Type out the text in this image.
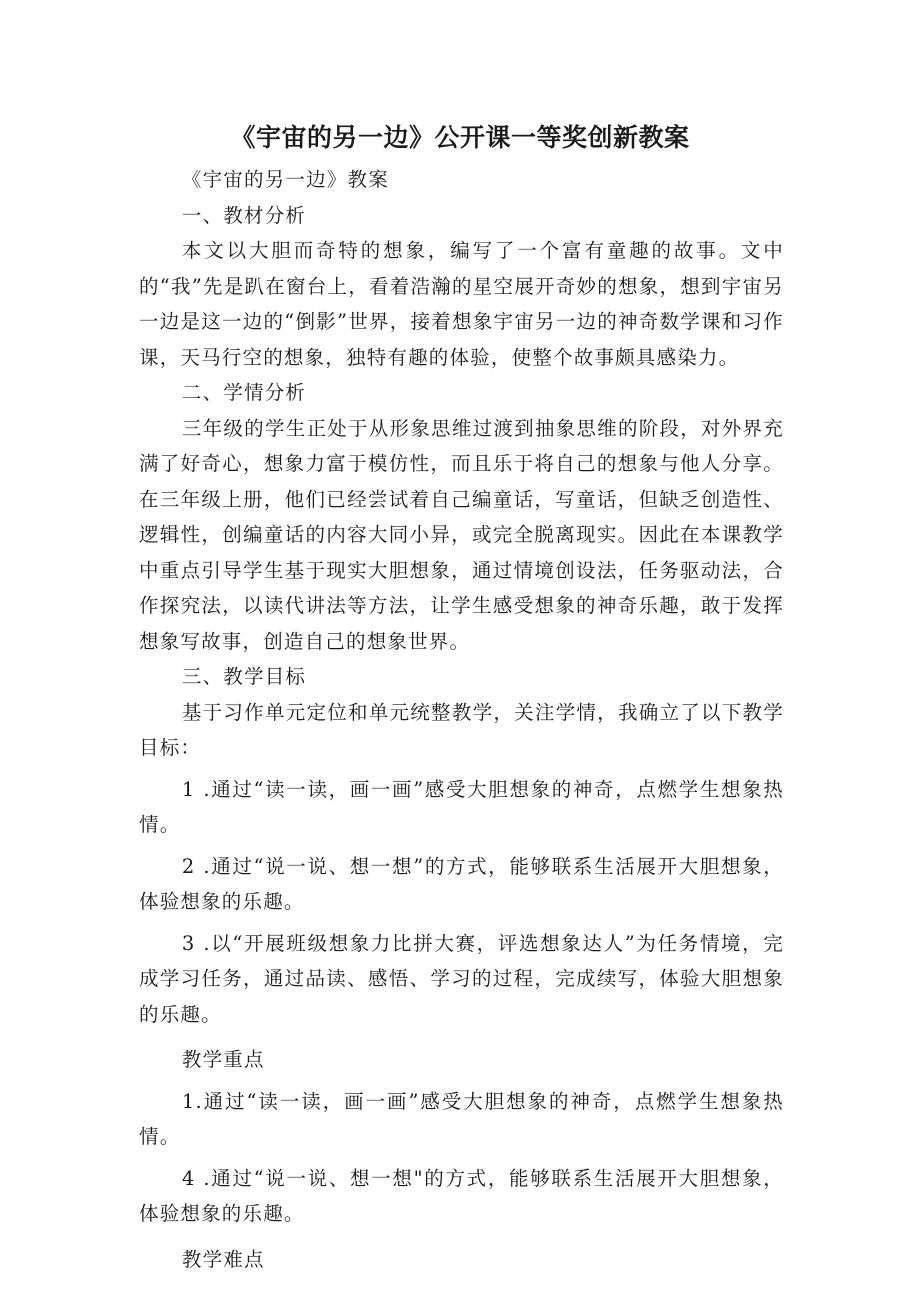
《宇宙的另一边》公开课一等奖创新教案

《宇宙的另一边》教案

一、教材分析

本文以大胆而奇特的想象，编写了一个富有童趣的故事。文中的“我”先是趴在窗台上，看着浩瀚的星空展开奇妙的想象，想到宇宙另一边是这一边的“倒影”世界，接着想象宇宙另一边的神奇数学课和习作课，天马行空的想象，独特有趣的体验，使整个故事颇具感染力。

二、学情分析

三年级的学生正处于从形象思维过渡到抽象思维的阶段，对外界充满了好奇心，想象力富于模仿性，而且乐于将自己的想象与他人分享。在三年级上册，他们已经尝试着自己编童话，写童话，但缺乏创造性、逻辑性，创编童话的内容大同小异，或完全脱离现实。因此在本课教学中重点引导学生基于现实大胆想象，通过情境创设法，任务驱动法，合作探究法，以读代讲法等方法，让学生感受想象的神奇乐趣，敢于发挥想象写故事，创造自己的想象世界。

三、教学目标

基于习作单元定位和单元统整教学，关注学情，我确立了以下教学目标：

1 .通过“读一读，画一画”感受大胆想象的神奇，点燃学生想象热情。

2 .通过“说一说、想一想”的方式，能够联系生活展开大胆想象，体验想象的乐趣。

3 .以“开展班级想象力比拼大赛，评选想象达人”为任务情境，完成学习任务，通过品读、感悟、学习的过程，完成续写，体验大胆想象的乐趣。

教学重点

1.通过“读一读，画一画”感受大胆想象的神奇，点燃学生想象热情。

4 .通过“说一说、想一想"的方式，能够联系生活展开大胆想象，体验想象的乐趣。

教学难点
